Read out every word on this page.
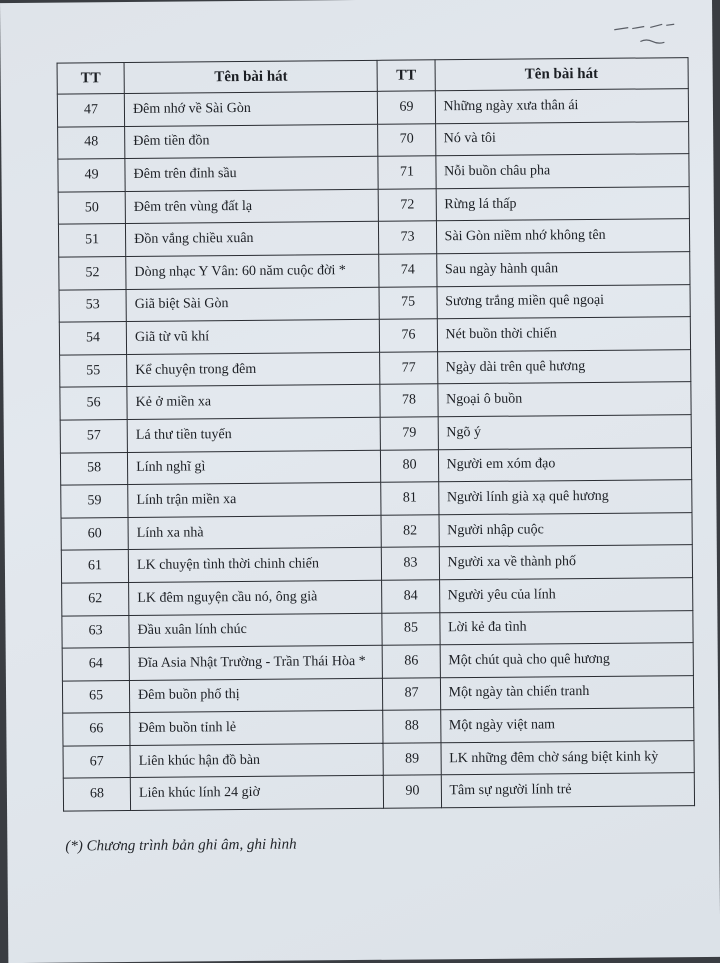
TT	Tên bài hát	TT	Tên bài hát
47	Đêm nhớ về Sài Gòn	69	Những ngày xưa thân ái
48	Đêm tiền đồn	70	Nó và tôi
49	Đêm trên đỉnh sầu	71	Nỗi buồn châu pha
50	Đêm trên vùng đất lạ	72	Rừng lá thấp
51	Đồn vắng chiều xuân	73	Sài Gòn niềm nhớ không tên
52	Dòng nhạc Y Vân: 60 năm cuộc đời *	74	Sau ngày hành quân
53	Giã biệt Sài Gòn	75	Sương trắng miền quê ngoại
54	Giã từ vũ khí	76	Nét buồn thời chiến
55	Kể chuyện trong đêm	77	Ngày dài trên quê hương
56	Kẻ ở miền xa	78	Ngoại ô buồn
57	Lá thư tiền tuyến	79	Ngõ ý
58	Lính nghĩ gì	80	Người em xóm đạo
59	Lính trận miền xa	81	Người lính già xạ quê hương
60	Lính xa nhà	82	Người nhập cuộc
61	LK chuyện tình thời chinh chiến	83	Người xa về thành phố
62	LK đêm nguyện cầu nó, ông già	84	Người yêu của lính
63	Đầu xuân lính chúc	85	Lời kẻ đa tình
64	Đĩa Asia Nhật Trường - Trần Thái Hòa *	86	Một chút quà cho quê hương
65	Đêm buồn phố thị	87	Một ngày tàn chiến tranh
66	Đêm buồn tỉnh lẻ	88	Một ngày việt nam
67	Liên khúc hận đồ bàn	89	LK những đêm chờ sáng biệt kinh kỳ
68	Liên khúc lính 24 giờ	90	Tâm sự người lính trẻ
(*) Chương trình bản ghi âm, ghi hình
